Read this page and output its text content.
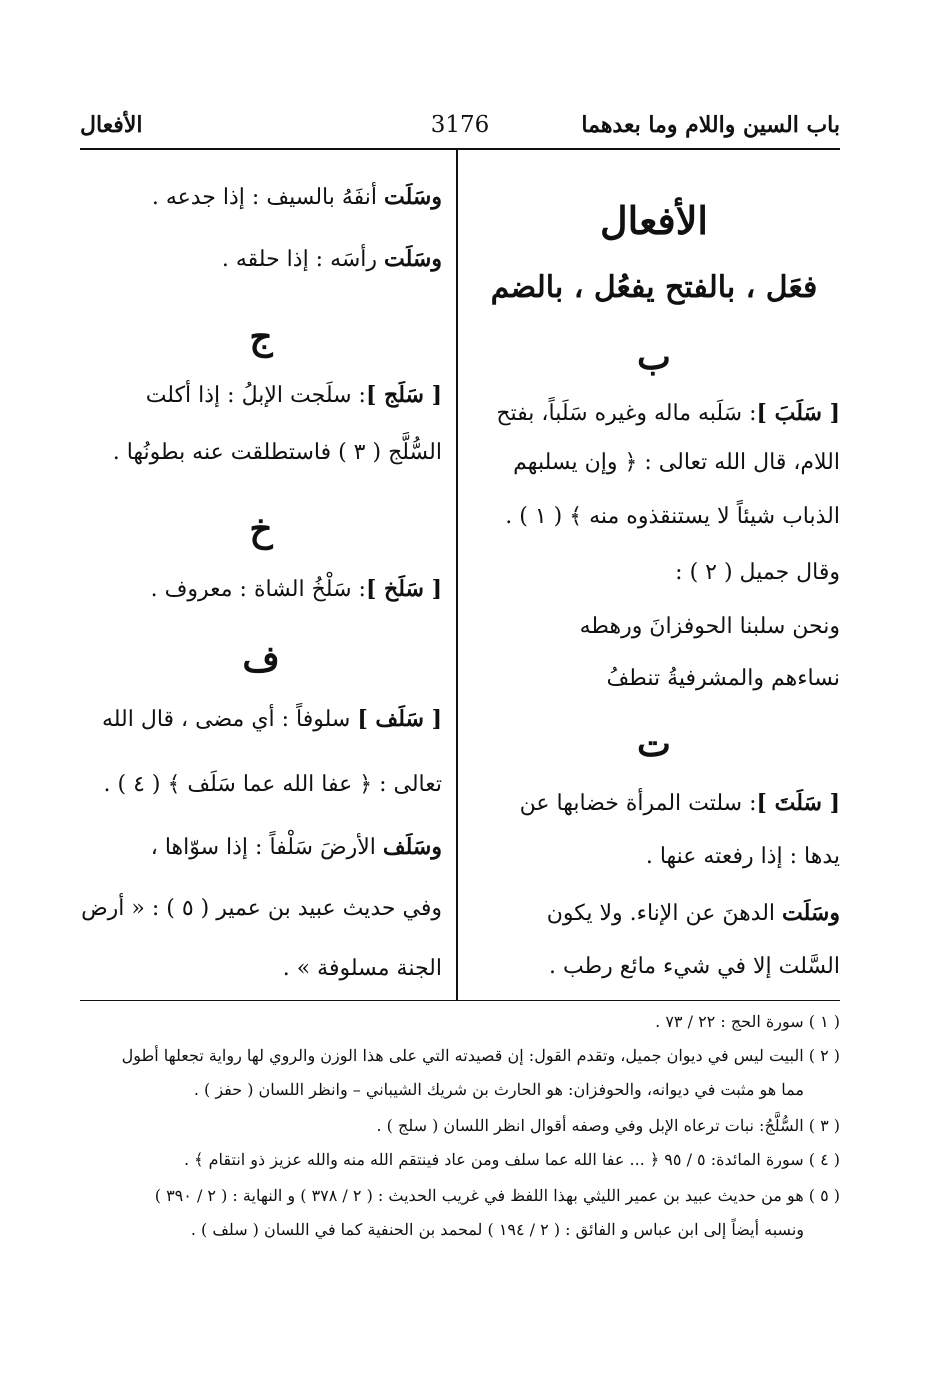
باب السين واللام وما بعدهما
3176
الأفعال
الأفعال
فعَل ، بالفتح يفعُل ، بالضم
ب
[ سَلَبَ ]: سَلَبه ماله وغيره سَلَباً، بفتح
اللام، قال الله تعالى : ﴿ وإن يسلبهم
الذباب شيئاً لا يستنقذوه منه ﴾ ( ١ ) .
وقال جميل ( ٢ ) :
ونحن سلبنا الحوفزانَ ورهطه
نساءهم والمشرفيةُ تنطفُ
ت
[ سَلَتَ ]: سلتت المرأة خضابها عن
يدها : إذا رفعته عنها .
وسَلَت الدهنَ عن الإناء. ولا يكون
السَّلت إلا في شيء مائع رطب .
وسَلَت أنفَهُ بالسيف : إذا جدعه .
وسَلَت رأسَه : إذا حلقه .
ج
[ سَلَج ]: سلَجت الإبلُ : إذا أكلت
السُّلَّج ( ٣ ) فاستطلقت عنه بطونُها .
خ
[ سَلَخ ]: سَلْخُ الشاة : معروف .
ف
[ سَلَف ] سلوفاً : أي مضى ، قال الله
تعالى : ﴿ عفا الله عما سَلَف ﴾ ( ٤ ) .
وسَلَف الأرضَ سَلْفاً : إذا سوّاها ،
وفي حديث عبيد بن عمير ( ٥ ) : « أرض
الجنة مسلوفة » .
( ١ ) سورة الحج : ٢٢ / ٧٣ .
( ٢ ) البيت ليس في ديوان جميل، وتقدم القول: إن قصيدته التي على هذا الوزن والروي لها رواية تجعلها أطول
مما هو مثبت في ديوانه، والحوفزان: هو الحارث بن شريك الشيباني – وانظر اللسان ( حفز ) .
( ٣ ) السُّلَّجُ: نبات ترعاه الإبل وفي وصفه أقوال انظر اللسان ( سلج ) .
( ٤ ) سورة المائدة: ٥ / ٩٥ ﴿ ... عفا الله عما سلف ومن عاد فينتقم الله منه والله عزيز ذو انتقام ﴾ .
( ٥ ) هو من حديث عبيد بن عمير الليثي بهذا اللفظ في غريب الحديث : ( ٢ / ٣٧٨ ) و النهاية : ( ٢ / ٣٩٠ )
ونسبه أيضاً إلى ابن عباس و الفائق : ( ٢ / ١٩٤ ) لمحمد بن الحنفية كما في اللسان ( سلف ) .
